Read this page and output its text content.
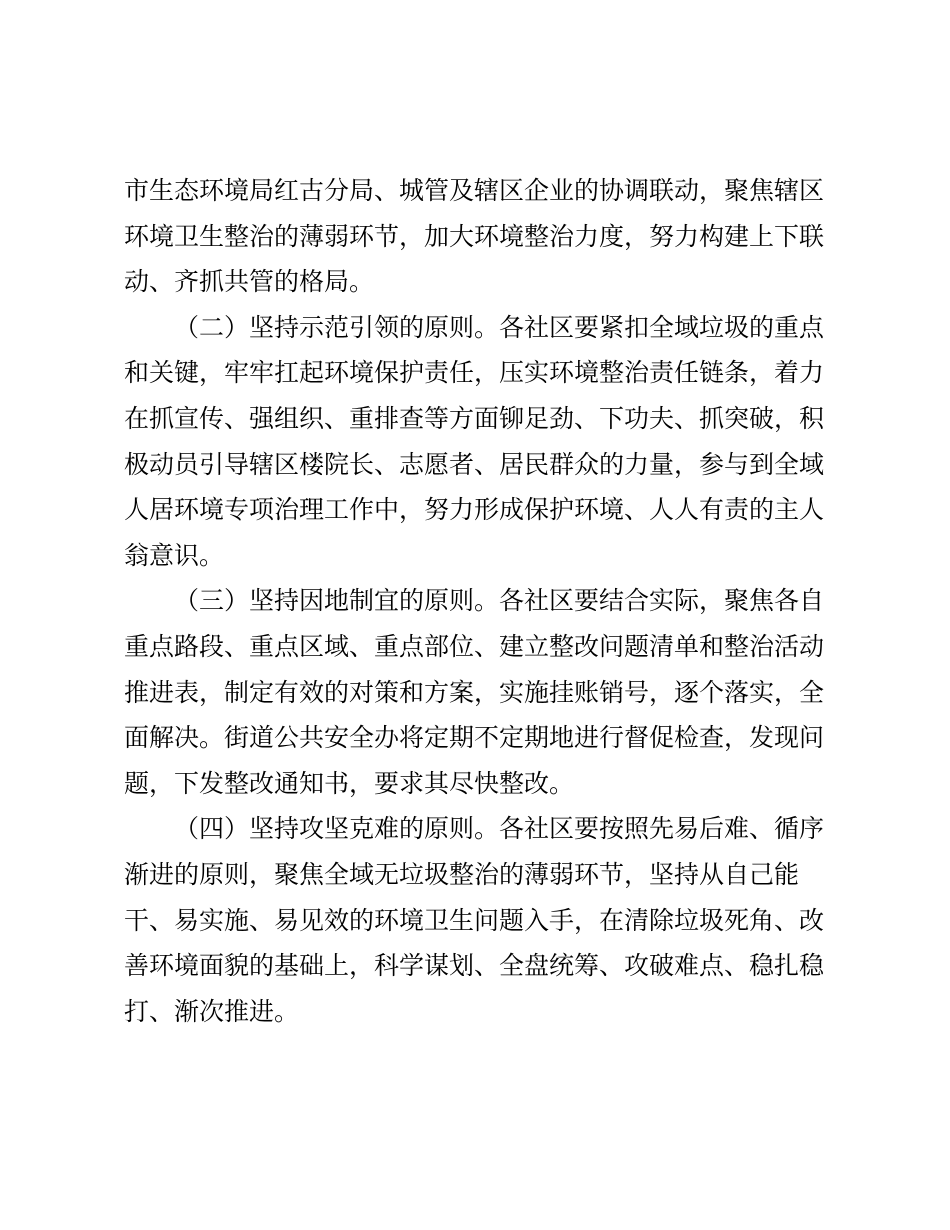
市生态环境局红古分局、城管及辖区企业的协调联动，聚焦辖区
环境卫生整治的薄弱环节，加大环境整治力度，努力构建上下联
动、齐抓共管的格局。
（二）坚持示范引领的原则。各社区要紧扣全域垃圾的重点
和关键，牢牢扛起环境保护责任，压实环境整治责任链条，着力
在抓宣传、强组织、重排查等方面铆足劲、下功夫、抓突破，积
极动员引导辖区楼院长、志愿者、居民群众的力量，参与到全域
人居环境专项治理工作中，努力形成保护环境、人人有责的主人
翁意识。
（三）坚持因地制宜的原则。各社区要结合实际，聚焦各自
重点路段、重点区域、重点部位、建立整改问题清单和整治活动
推进表，制定有效的对策和方案，实施挂账销号，逐个落实，全
面解决。街道公共安全办将定期不定期地进行督促检查，发现问
题，下发整改通知书，要求其尽快整改。
（四）坚持攻坚克难的原则。各社区要按照先易后难、循序
渐进的原则，聚焦全域无垃圾整治的薄弱环节，坚持从自己能
干、易实施、易见效的环境卫生问题入手，在清除垃圾死角、改
善环境面貌的基础上，科学谋划、全盘统筹、攻破难点、稳扎稳
打、渐次推进。
